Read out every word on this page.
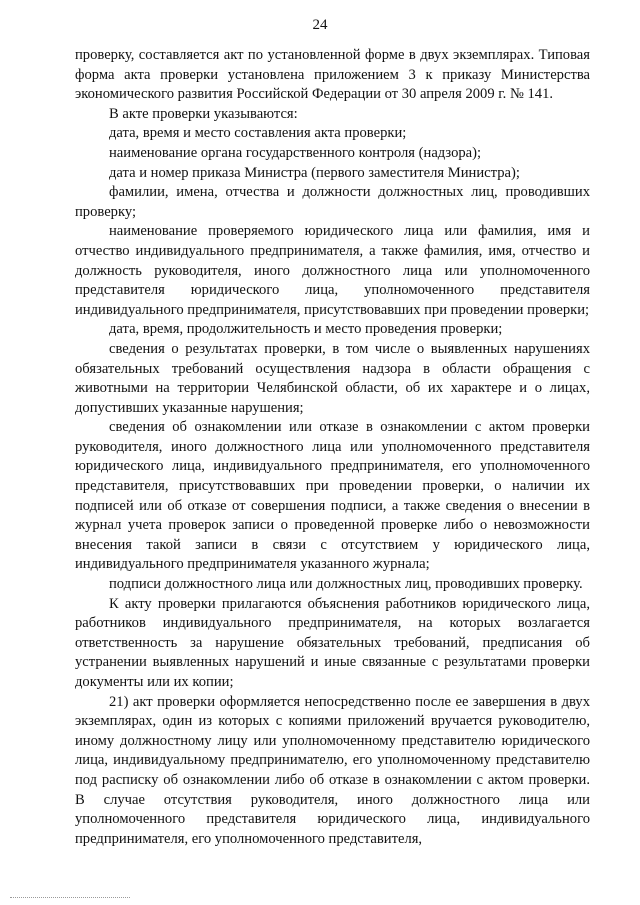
24

проверку, составляется акт по установленной форме в двух экземплярах. Типовая форма акта проверки установлена приложением 3 к приказу Министерства экономического развития Российской Федерации от 30 апреля 2009 г. № 141.

В акте проверки указываются:

дата, время и место составления акта проверки;

наименование органа государственного контроля (надзора);

дата и номер приказа Министра (первого заместителя Министра);

фамилии, имена, отчества и должности должностных лиц, проводивших проверку;

наименование проверяемого юридического лица или фамилия, имя и отчество индивидуального предпринимателя, а также фамилия, имя, отчество и должность руководителя, иного должностного лица или уполномоченного представителя юридического лица, уполномоченного представителя индивидуального предпринимателя, присутствовавших при проведении проверки;

дата, время, продолжительность и место проведения проверки;

сведения о результатах проверки, в том числе о выявленных нарушениях обязательных требований осуществления надзора в области обращения с животными на территории Челябинской области, об их характере и о лицах, допустивших указанные нарушения;

сведения об ознакомлении или отказе в ознакомлении с актом проверки руководителя, иного должностного лица или уполномоченного представителя юридического лица, индивидуального предпринимателя, его уполномоченного представителя, присутствовавших при проведении проверки, о наличии их подписей или об отказе от совершения подписи, а также сведения о внесении в журнал учета проверок записи о проведенной проверке либо о невозможности внесения такой записи в связи с отсутствием у юридического лица, индивидуального предпринимателя указанного журнала;

подписи должностного лица или должностных лиц, проводивших проверку.

К акту проверки прилагаются объяснения работников юридического лица, работников индивидуального предпринимателя, на которых возлагается ответственность за нарушение обязательных требований, предписания об устранении выявленных нарушений и иные связанные с результатами проверки документы или их копии;

21) акт проверки оформляется непосредственно после ее завершения в двух экземплярах, один из которых с копиями приложений вручается руководителю, иному должностному лицу или уполномоченному представителю юридического лица, индивидуальному предпринимателю, его уполномоченному представителю под расписку об ознакомлении либо об отказе в ознакомлении с актом проверки. В случае отсутствия руководителя, иного должностного лица или уполномоченного представителя юридического лица, индивидуального предпринимателя, его уполномоченного представителя,
